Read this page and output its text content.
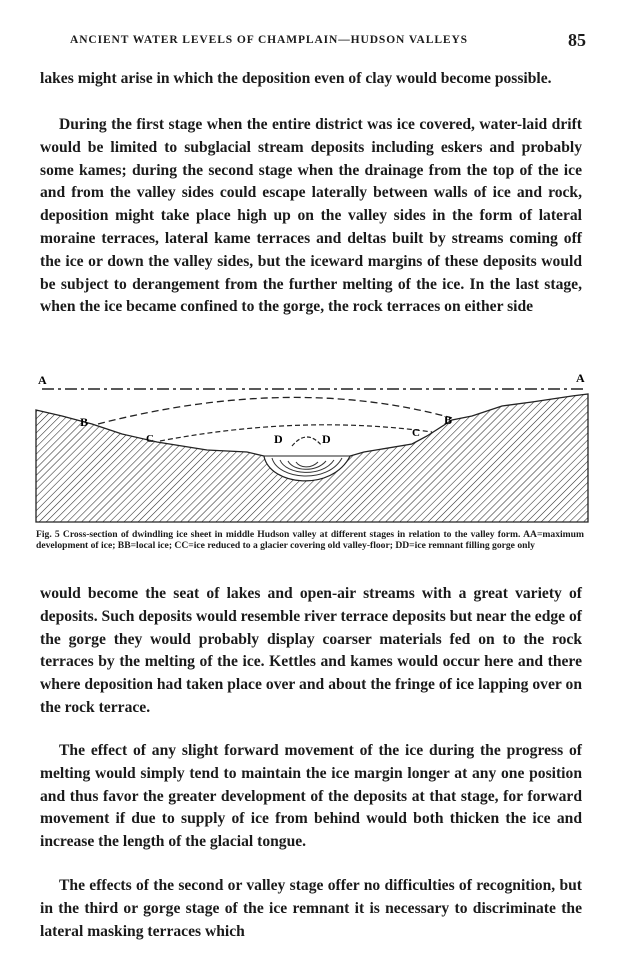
ANCIENT WATER LEVELS OF CHAMPLAIN—HUDSON VALLEYS	85

lakes might arise in which the deposition even of clay would become possible.

During the first stage when the entire district was ice covered, water-laid drift would be limited to subglacial stream deposits including eskers and probably some kames; during the second stage when the drainage from the top of the ice and from the valley sides could escape laterally between walls of ice and rock, deposition might take place high up on the valley sides in the form of lateral moraine terraces, lateral kame terraces and deltas built by streams coming off the ice or down the valley sides, but the iceward margins of these deposits would be subject to derangement from the further melting of the ice. In the last stage, when the ice became confined to the gorge, the rock terraces on either side

A	A
B	B
C	C
D	D

Fig. 5 Cross-section of dwindling ice sheet in middle Hudson valley at different stages in relation to the valley form. AA=maximum development of ice; BB=local ice; CC=ice reduced to a glacier covering old valley-floor; DD=ice remnant filling gorge only

would become the seat of lakes and open-air streams with a great variety of deposits. Such deposits would resemble river terrace deposits but near the edge of the gorge they would probably display coarser materials fed on to the rock terraces by the melting of the ice. Kettles and kames would occur here and there where deposition had taken place over and about the fringe of ice lapping over on the rock terrace.

The effect of any slight forward movement of the ice during the progress of melting would simply tend to maintain the ice margin longer at any one position and thus favor the greater development of the deposits at that stage, for forward movement if due to supply of ice from behind would both thicken the ice and increase the length of the glacial tongue.

The effects of the second or valley stage offer no difficulties of recognition, but in the third or gorge stage of the ice remnant it is necessary to discriminate the lateral masking terraces which
